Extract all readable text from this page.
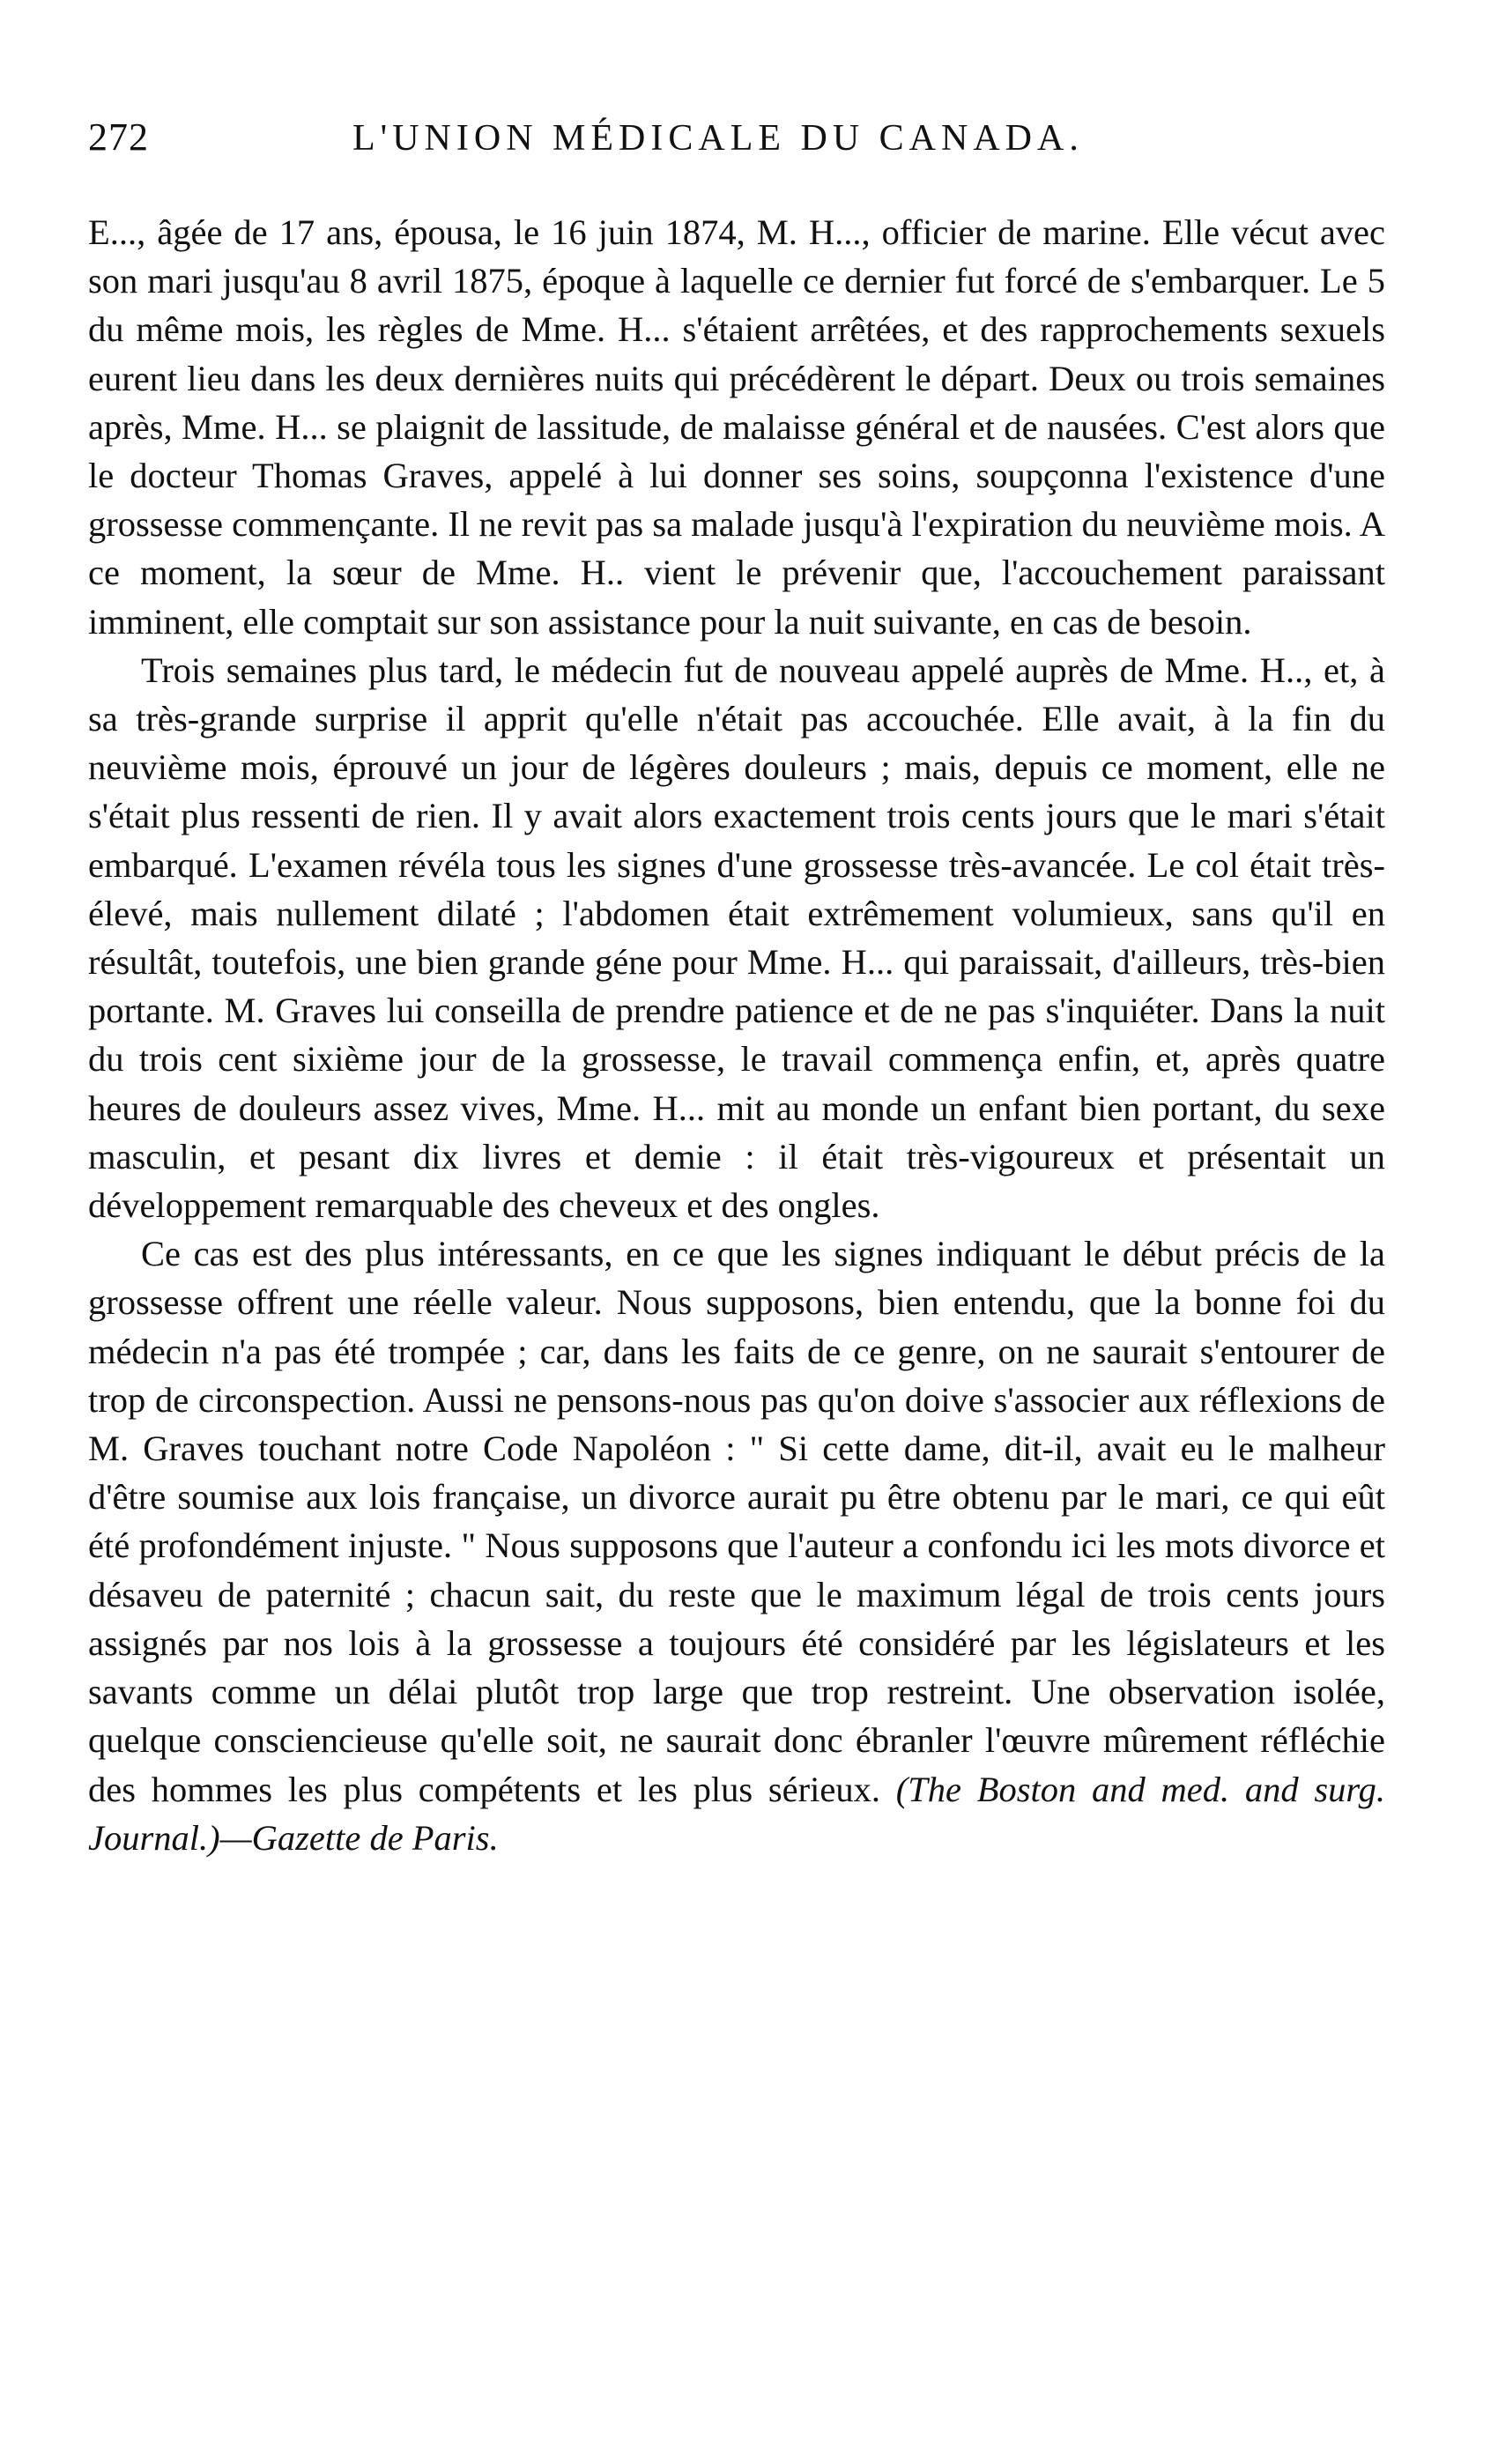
272	L'UNION MÉDICALE DU CANADA.

E..., âgée de 17 ans, épousa, le 16 juin 1874, M. H..., officier de marine. Elle vécut avec son mari jusqu'au 8 avril 1875, époque à laquelle ce dernier fut forcé de s'embarquer. Le 5 du même mois, les règles de Mme. H... s'étaient arrêtées, et des rapprochements sexuels eurent lieu dans les deux dernières nuits qui précédèrent le départ. Deux ou trois semaines après, Mme. H... se plaignit de lassitude, de malaisse général et de nausées. C'est alors que le docteur Thomas Graves, appelé à lui donner ses soins, soupçonna l'existence d'une grossesse commençante. Il ne revit pas sa malade jusqu'à l'expiration du neuvième mois. A ce moment, la sœur de Mme. H.. vient le prévenir que, l'accouchement paraissant imminent, elle comptait sur son assistance pour la nuit suivante, en cas de besoin.

Trois semaines plus tard, le médecin fut de nouveau appelé auprès de Mme. H.., et, à sa très-grande surprise il apprit qu'elle n'était pas accouchée. Elle avait, à la fin du neuvième mois, éprouvé un jour de légères douleurs ; mais, depuis ce moment, elle ne s'était plus ressenti de rien. Il y avait alors exactement trois cents jours que le mari s'était embarqué. L'examen révéla tous les signes d'une grossesse très-avancée. Le col était très-élevé, mais nullement dilaté ; l'abdomen était extrêmement volumieux, sans qu'il en résultât, toutefois, une bien grande géne pour Mme. H... qui paraissait, d'ailleurs, très-bien portante. M. Graves lui conseilla de prendre patience et de ne pas s'inquiéter. Dans la nuit du trois cent sixième jour de la grossesse, le travail commença enfin, et, après quatre heures de douleurs assez vives, Mme. H... mit au monde un enfant bien portant, du sexe masculin, et pesant dix livres et demie : il était très-vigoureux et présentait un développement remarquable des cheveux et des ongles.

Ce cas est des plus intéressants, en ce que les signes indiquant le début précis de la grossesse offrent une réelle valeur. Nous supposons, bien entendu, que la bonne foi du médecin n'a pas été trompée ; car, dans les faits de ce genre, on ne saurait s'entourer de trop de circonspection. Aussi ne pensons-nous pas qu'on doive s'associer aux réflexions de M. Graves touchant notre Code Napoléon : " Si cette dame, dit-il, avait eu le malheur d'être soumise aux lois française, un divorce aurait pu être obtenu par le mari, ce qui eût été profondément injuste. " Nous supposons que l'auteur a confondu ici les mots divorce et désaveu de paternité ; chacun sait, du reste que le maximum légal de trois cents jours assignés par nos lois à la grossesse a toujours été considéré par les législateurs et les savants comme un délai plutôt trop large que trop restreint. Une observation isolée, quelque consciencieuse qu'elle soit, ne saurait donc ébranler l'œuvre mûrement réfléchie des hommes les plus compétents et les plus sérieux. (The Boston and med. and surg. Journal.)—Gazette de Paris.
